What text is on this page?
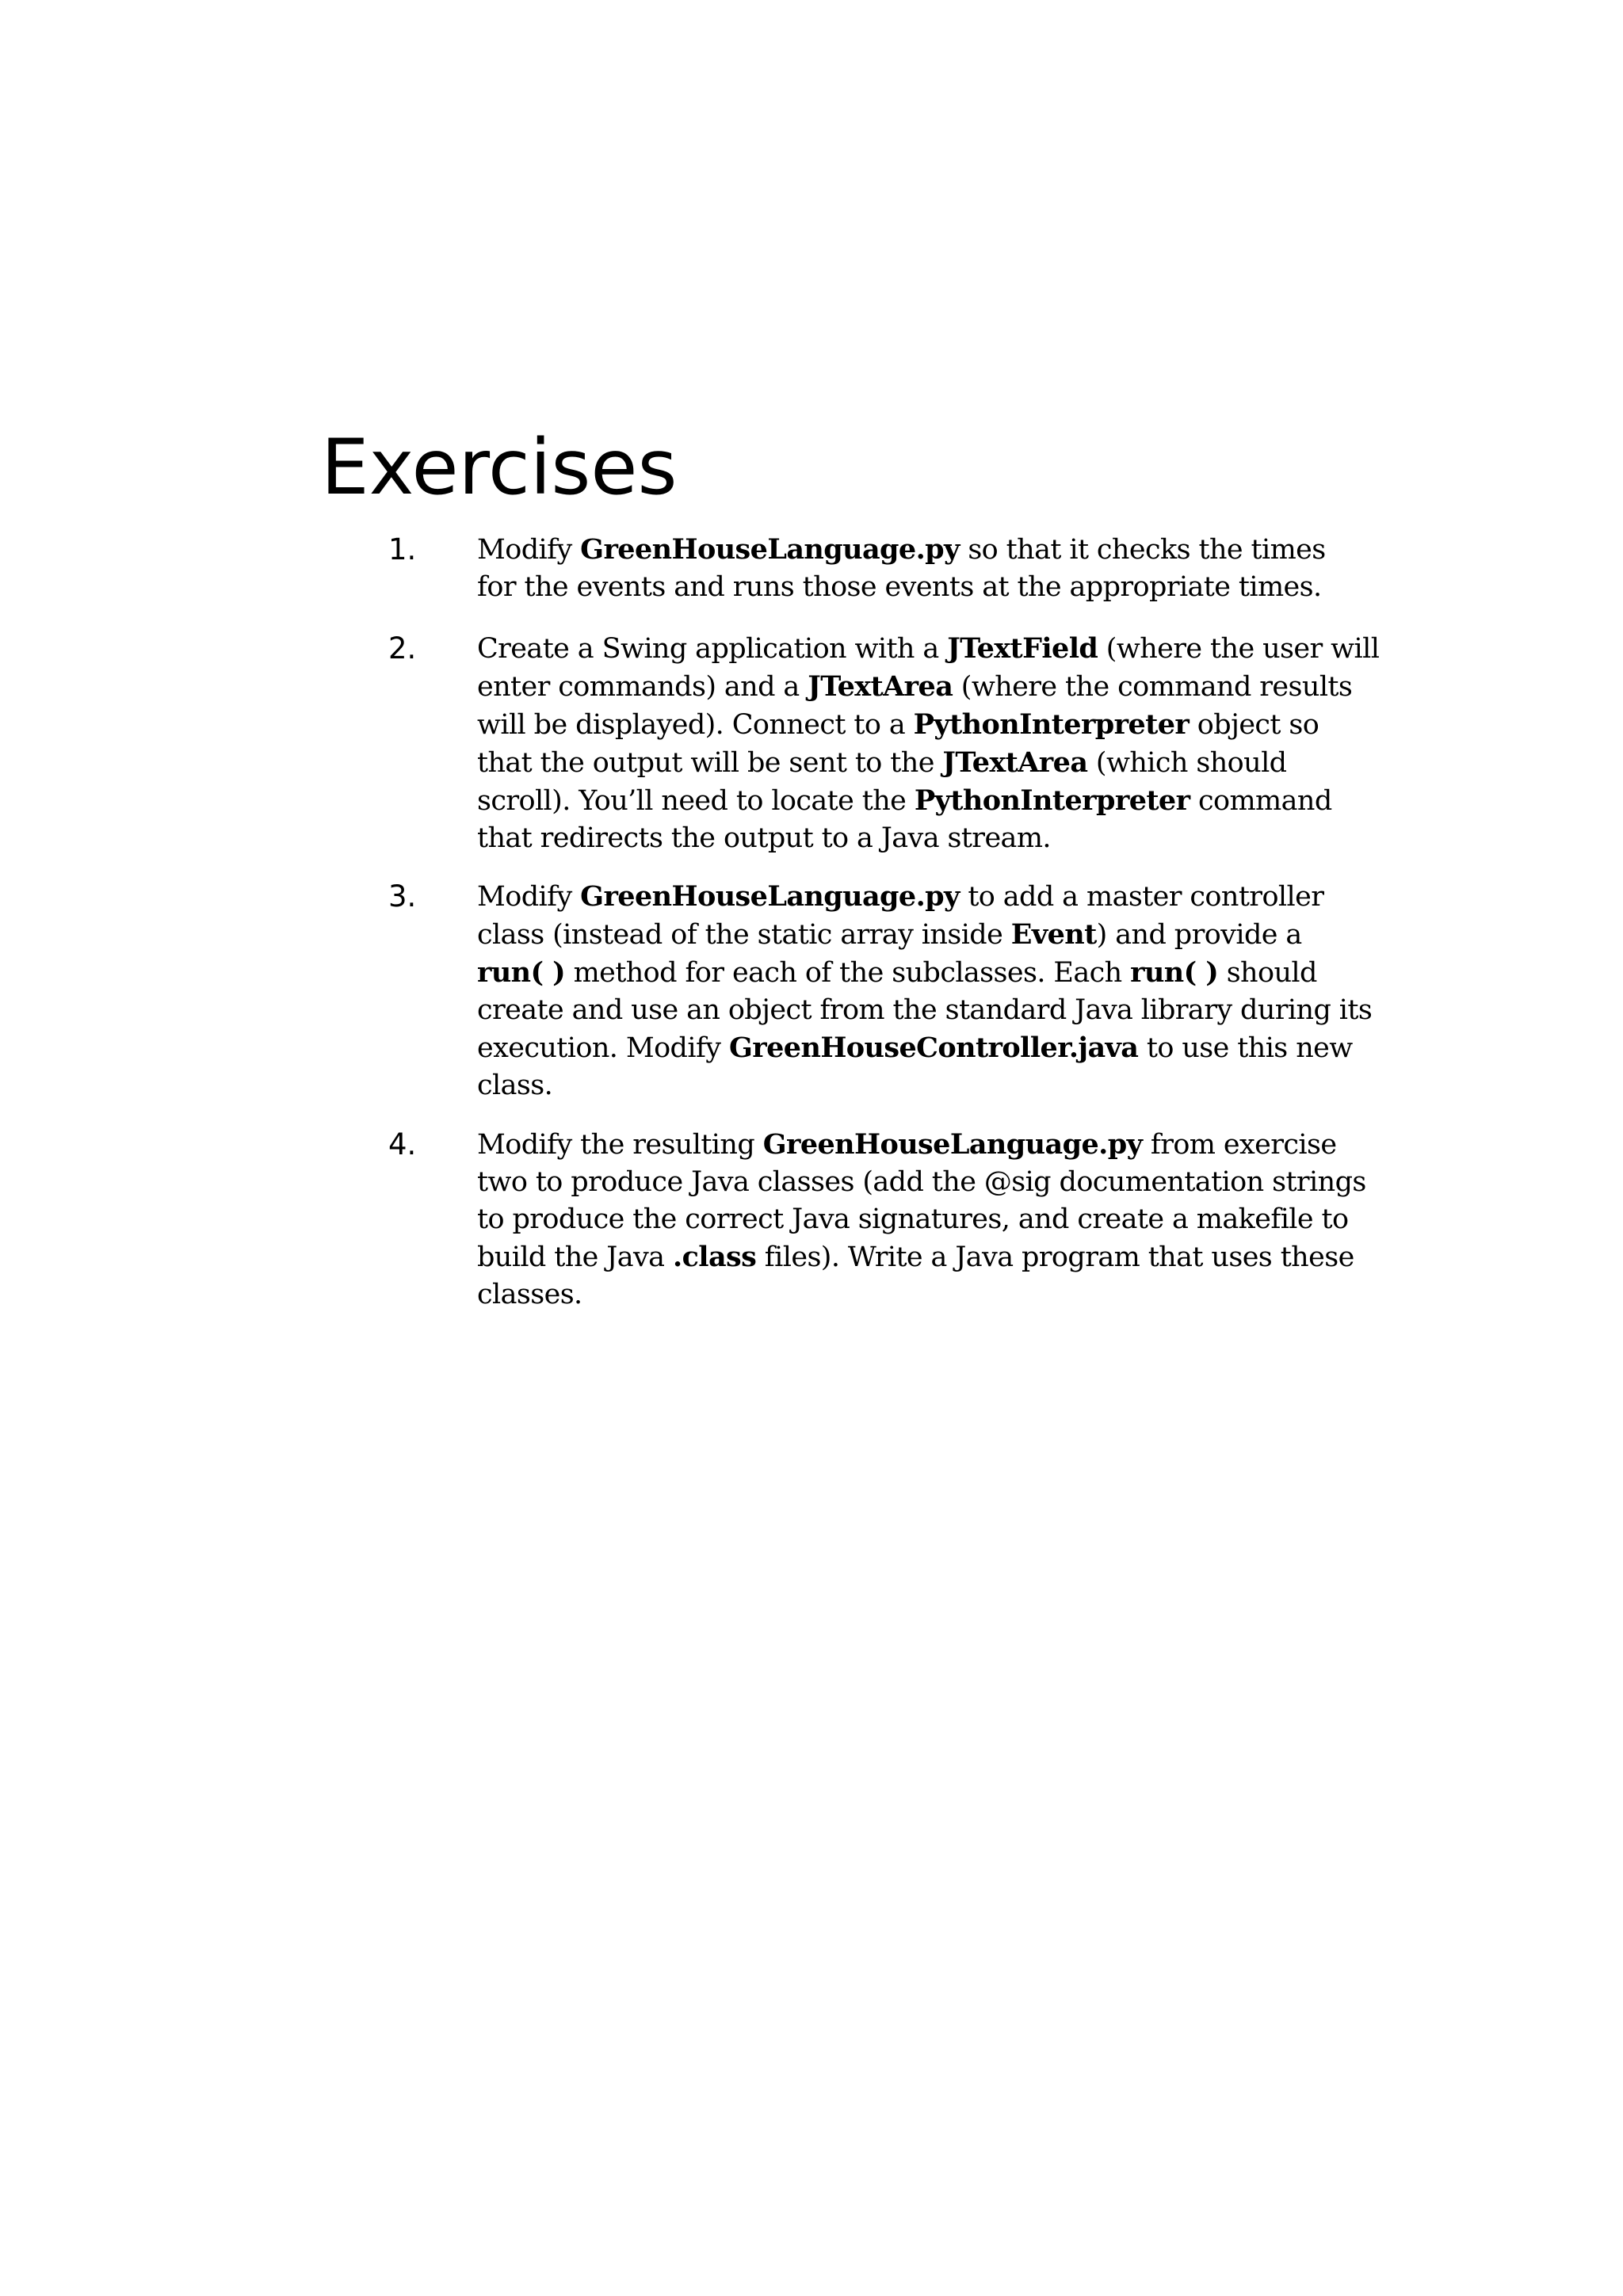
Exercises
1. Modify GreenHouseLanguage.py so that it checks the times
for the events and runs those events at the appropriate times.
2. Create a Swing application with a JTextField (where the user will
enter commands) and a JTextArea (where the command results
will be displayed). Connect to a PythonInterpreter object so
that the output will be sent to the JTextArea (which should
scroll). You’ll need to locate the PythonInterpreter command
that redirects the output to a Java stream.
3. Modify GreenHouseLanguage.py to add a master controller
class (instead of the static array inside Event) and provide a
run( ) method for each of the subclasses. Each run( ) should
create and use an object from the standard Java library during its
execution. Modify GreenHouseController.java to use this new
class.
4. Modify the resulting GreenHouseLanguage.py from exercise
two to produce Java classes (add the @sig documentation strings
to produce the correct Java signatures, and create a makefile to
build the Java .class files). Write a Java program that uses these
classes.
